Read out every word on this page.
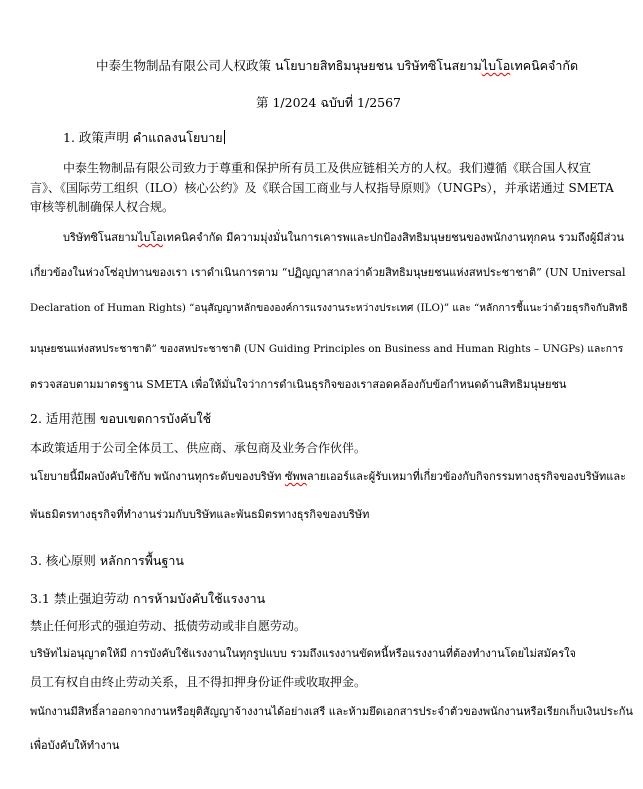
中泰生物制品有限公司人权政策 นโยบายสิทธิมนุษยชน บริษัทซิโนสยามไบโอเทคนิคจำกัด
第 1/2024 ฉบับที่ 1/2567
1. 政策声明 คำแถลงนโยบาย
中泰生物制品有限公司致力于尊重和保护所有员工及供应链相关方的人权。我们遵循《联合国人权宣
言》、《国际劳工组织（ILO）核心公约》及《联合国工商业与人权指导原则》（UNGPs），并承诺通过 SMETA
审核等机制确保人权合规。
บริษัทซิโนสยามไบโอเทคนิคจำกัด มีความมุ่งมั่นในการเคารพและปกป้องสิทธิมนุษยชนของพนักงานทุกคน รวมถึงผู้มีส่วน
เกี่ยวข้องในห่วงโซ่อุปทานของเรา เราดำเนินการตาม “ปฏิญญาสากลว่าด้วยสิทธิมนุษยชนแห่งสหประชาชาติ” (UN Universal
Declaration of Human Rights) “อนุสัญญาหลักขององค์การแรงงานระหว่างประเทศ (ILO)” และ “หลักการชี้แนะว่าด้วยธุรกิจกับสิทธิ
มนุษยชนแห่งสหประชาชาติ” ของสหประชาชาติ (UN Guiding Principles on Business and Human Rights – UNGPs) และการ
ตรวจสอบตามมาตรฐาน SMETA เพื่อให้มั่นใจว่าการดำเนินธุรกิจของเราสอดคล้องกับข้อกำหนดด้านสิทธิมนุษยชน
2. 适用范围 ขอบเขตการบังคับใช้
本政策适用于公司全体员工、供应商、承包商及业务合作伙伴。
นโยบายนี้มีผลบังคับใช้กับ พนักงานทุกระดับของบริษัท ซัพพลายเออร์และผู้รับเหมาที่เกี่ยวข้องกับกิจกรรมทางธุรกิจของบริษัทและ
พันธมิตรทางธุรกิจที่ทำงานร่วมกับบริษัทและพันธมิตรทางธุรกิจของบริษัท
3. 核心原则 หลักการพื้นฐาน
3.1 禁止强迫劳动 การห้ามบังคับใช้แรงงาน
禁止任何形式的强迫劳动、抵债劳动或非自愿劳动。
บริษัทไม่อนุญาตให้มี การบังคับใช้แรงงานในทุกรูปแบบ รวมถึงแรงงานขัดหนี้หรือแรงงานที่ต้องทำงานโดยไม่สมัครใจ
员工有权自由终止劳动关系，且不得扣押身份证件或收取押金。
พนักงานมีสิทธิ์ลาออกจากงานหรือยุติสัญญาจ้างงานได้อย่างเสรี และห้ามยึดเอกสารประจำตัวของพนักงานหรือเรียกเก็บเงินประกัน
เพื่อบังคับให้ทำงาน
